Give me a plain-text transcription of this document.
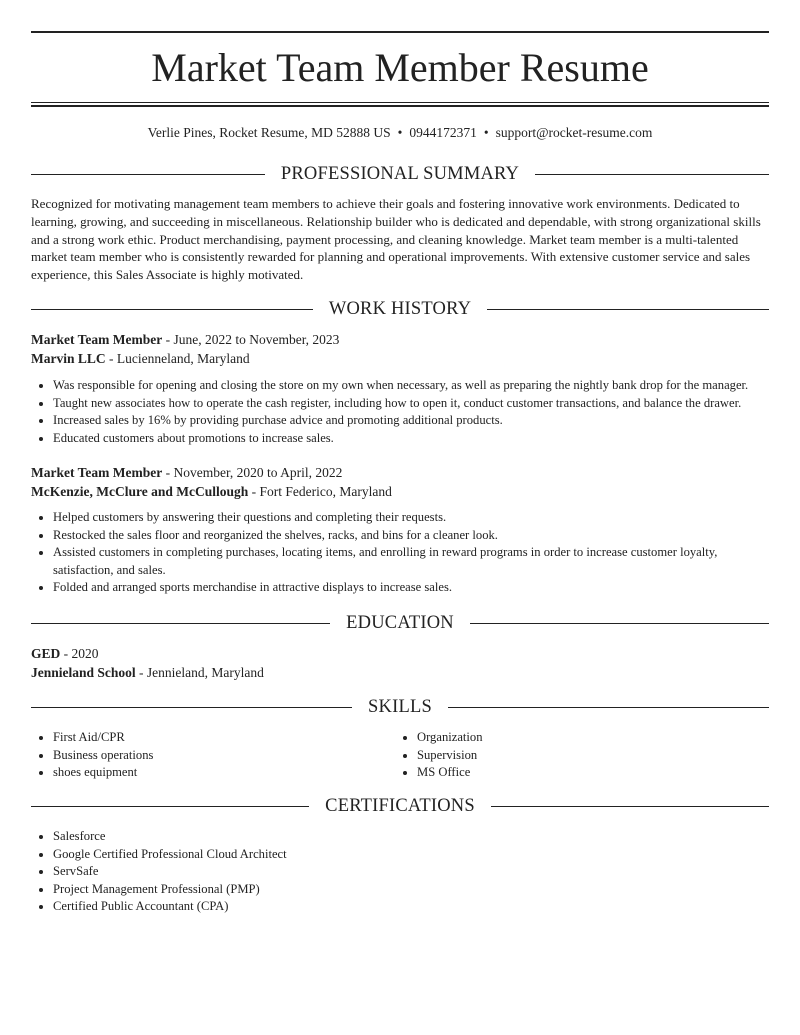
Market Team Member Resume
Verlie Pines, Rocket Resume, MD 52888 US • 0944172371 • support@rocket-resume.com
PROFESSIONAL SUMMARY
Recognized for motivating management team members to achieve their goals and fostering innovative work environments. Dedicated to learning, growing, and succeeding in miscellaneous. Relationship builder who is dedicated and dependable, with strong organizational skills and a strong work ethic. Product merchandising, payment processing, and cleaning knowledge. Market team member is a multi-talented market team member who is consistently rewarded for planning and operational improvements. With extensive customer service and sales experience, this Sales Associate is highly motivated.
WORK HISTORY
Market Team Member - June, 2022 to November, 2023
Marvin LLC - Lucienneland, Maryland
• Was responsible for opening and closing the store on my own when necessary, as well as preparing the nightly bank drop for the manager.
• Taught new associates how to operate the cash register, including how to open it, conduct customer transactions, and balance the drawer.
• Increased sales by 16% by providing purchase advice and promoting additional products.
• Educated customers about promotions to increase sales.
Market Team Member - November, 2020 to April, 2022
McKenzie, McClure and McCullough - Fort Federico, Maryland
• Helped customers by answering their questions and completing their requests.
• Restocked the sales floor and reorganized the shelves, racks, and bins for a cleaner look.
• Assisted customers in completing purchases, locating items, and enrolling in reward programs in order to increase customer loyalty, satisfaction, and sales.
• Folded and arranged sports merchandise in attractive displays to increase sales.
EDUCATION
GED - 2020
Jennieland School - Jennieland, Maryland
SKILLS
• First Aid/CPR
• Business operations
• shoes equipment
• Organization
• Supervision
• MS Office
CERTIFICATIONS
• Salesforce
• Google Certified Professional Cloud Architect
• ServSafe
• Project Management Professional (PMP)
• Certified Public Accountant (CPA)
